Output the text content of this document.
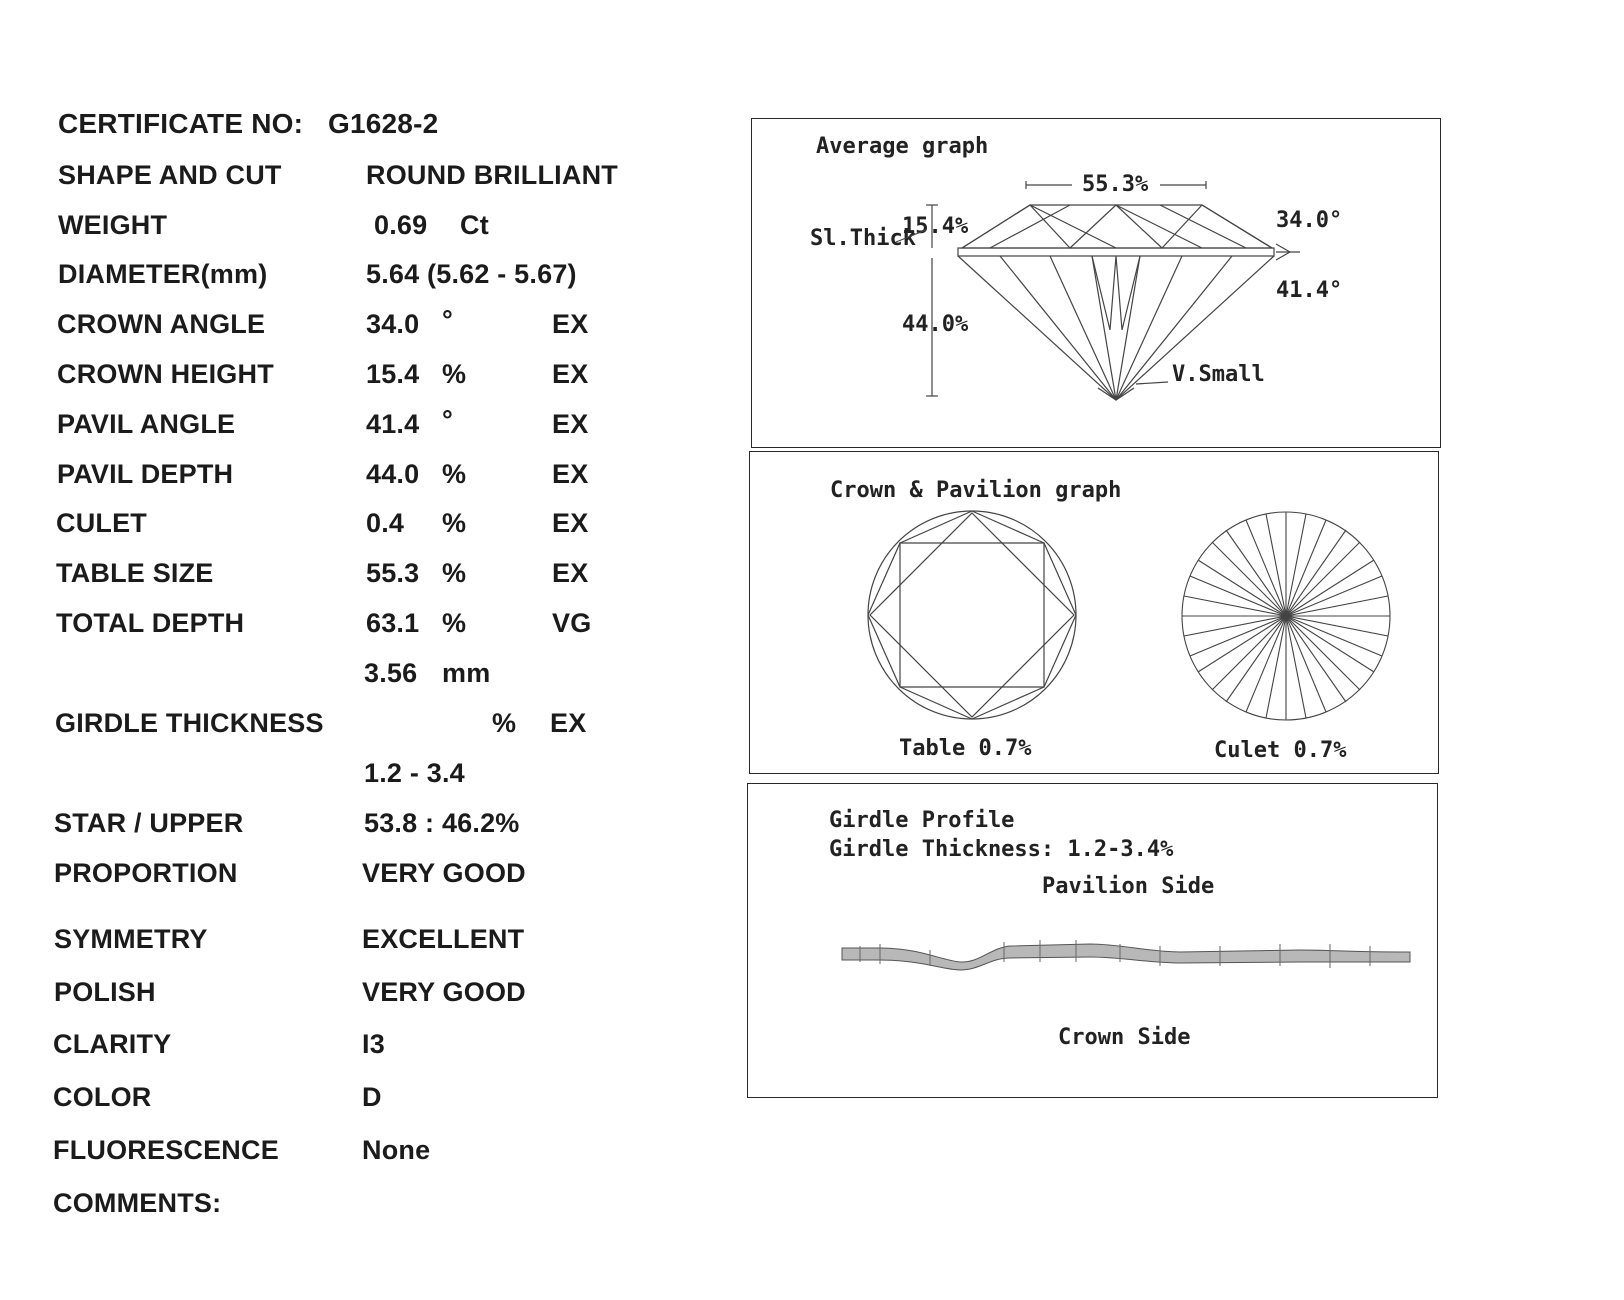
CERTIFICATE NO: G1628-2
SHAPE AND CUT	ROUND BRILLIANT
WEIGHT	0.69 Ct
DIAMETER(mm)	5.64 (5.62 - 5.67)
CROWN ANGLE	34.0 °	EX
CROWN HEIGHT	15.4 %	EX
PAVIL ANGLE	41.4 °	EX
PAVIL DEPTH	44.0 %	EX
CULET	0.4 %	EX
TABLE SIZE	55.3 %	EX
TOTAL DEPTH	63.1 %	VG
3.56 mm
GIRDLE THICKNESS	% EX
1.2 - 3.4
STAR / UPPER	53.8 : 46.2%
PROPORTION	VERY GOOD
SYMMETRY	EXCELLENT
POLISH	VERY GOOD
CLARITY	I3
COLOR	D
FLUORESCENCE	None
COMMENTS:
Average graph
55.3%
15.4%
Sl.Thick
34.0°
41.4°
44.0%
V.Small
Crown & Pavilion graph
Table 0.7%	Culet 0.7%
Girdle Profile
Girdle Thickness: 1.2-3.4%
Pavilion Side
Crown Side
